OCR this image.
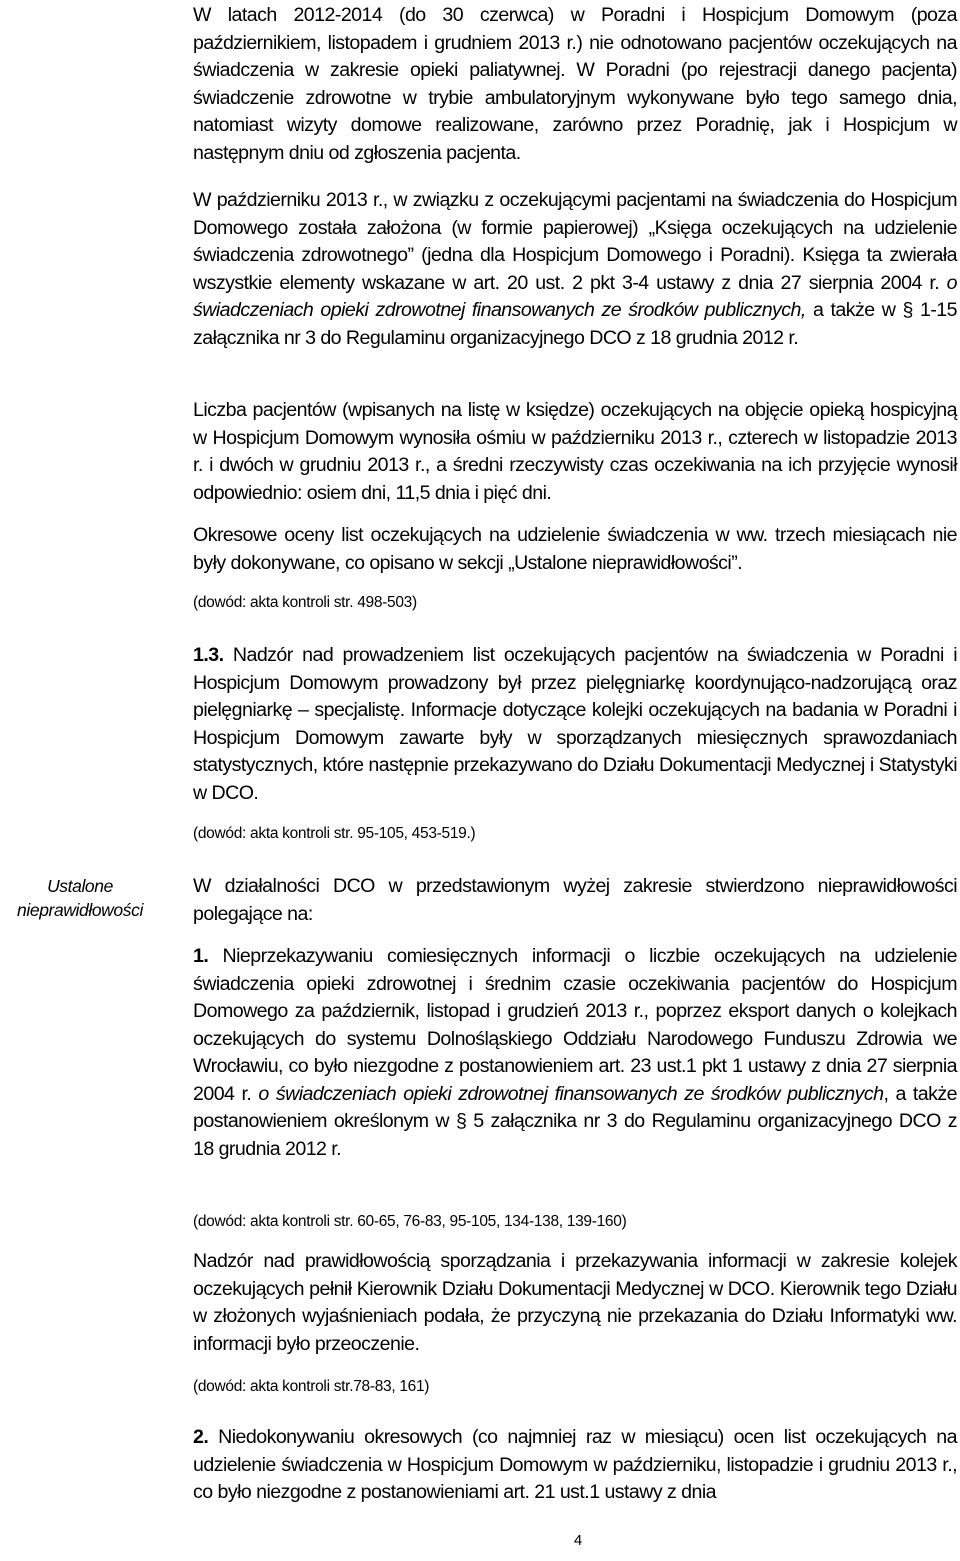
W latach 2012-2014 (do 30 czerwca) w Poradni i Hospicjum Domowym (poza październikiem, listopadem i grudniem 2013 r.) nie odnotowano pacjentów oczekujących na świadczenia w zakresie opieki paliatywnej. W Poradni (po rejestracji danego pacjenta) świadczenie zdrowotne w trybie ambulatoryjnym wykonywane było tego samego dnia, natomiast wizyty domowe realizowane, zarówno przez Poradnię, jak i Hospicjum w następnym dniu od zgłoszenia pacjenta.

W październiku 2013 r., w związku z oczekującymi pacjentami na świadczenia do Hospicjum Domowego została założona (w formie papierowej) „Księga oczekujących na udzielenie świadczenia zdrowotnego” (jedna dla Hospicjum Domowego i Poradni). Księga ta zwierała wszystkie elementy wskazane w art. 20 ust. 2 pkt 3-4 ustawy z dnia 27 sierpnia 2004 r. o świadczeniach opieki zdrowotnej finansowanych ze środków publicznych, a także w § 1-15 załącznika nr 3 do Regulaminu organizacyjnego DCO z 18 grudnia 2012 r.

Liczba pacjentów (wpisanych na listę w księdze) oczekujących na objęcie opieką hospicyjną w Hospicjum Domowym wynosiła ośmiu w październiku 2013 r., czterech w listopadzie 2013 r. i dwóch w grudniu 2013 r., a średni rzeczywisty czas oczekiwania na ich przyjęcie wynosił odpowiednio: osiem dni, 11,5 dnia i pięć dni.

Okresowe oceny list oczekujących na udzielenie świadczenia w ww. trzech miesiącach nie były dokonywane, co opisano w sekcji „Ustalone nieprawidłowości”.

(dowód: akta kontroli str. 498-503)

1.3. Nadzór nad prowadzeniem list oczekujących pacjentów na świadczenia w Poradni i Hospicjum Domowym prowadzony był przez pielęgniarkę koordynująco-nadzorującą oraz pielęgniarkę – specjalistę. Informacje dotyczące kolejki oczekujących na badania w Poradni i Hospicjum Domowym zawarte były w sporządzanych miesięcznych sprawozdaniach statystycznych, które następnie przekazywano do Działu Dokumentacji Medycznej i Statystyki w DCO.

(dowód: akta kontroli str. 95-105, 453-519.)

W działalności DCO w przedstawionym wyżej zakresie stwierdzono nieprawidłowości polegające na:

1. Nieprzekazywaniu comiesięcznych informacji o liczbie oczekujących na udzielenie świadczenia opieki zdrowotnej i średnim czasie oczekiwania pacjentów do Hospicjum Domowego za październik, listopad i grudzień 2013 r., poprzez eksport danych o kolejkach oczekujących do systemu Dolnośląskiego Oddziału Narodowego Funduszu Zdrowia we Wrocławiu, co było niezgodne z postanowieniem art. 23 ust.1 pkt 1 ustawy z dnia 27 sierpnia 2004 r. o świadczeniach opieki zdrowotnej finansowanych ze środków publicznych, a także postanowieniem określonym w § 5 załącznika nr 3 do Regulaminu organizacyjnego DCO z 18 grudnia 2012 r.

(dowód: akta kontroli str. 60-65, 76-83, 95-105, 134-138, 139-160)

Nadzór nad prawidłowością sporządzania i przekazywania informacji w zakresie kolejek oczekujących pełnił Kierownik Działu Dokumentacji Medycznej w DCO. Kierownik tego Działu w złożonych wyjaśnieniach podała, że przyczyną nie przekazania do Działu Informatyki ww. informacji było przeoczenie.

(dowód: akta kontroli str.78-83, 161)

2. Niedokonywaniu okresowych (co najmniej raz w miesiącu) ocen list oczekujących na udzielenie świadczenia w Hospicjum Domowym w październiku, listopadzie i grudniu 2013 r., co było niezgodne z postanowieniami art. 21 ust.1 ustawy z dnia

Ustalone nieprawidłowości
4
